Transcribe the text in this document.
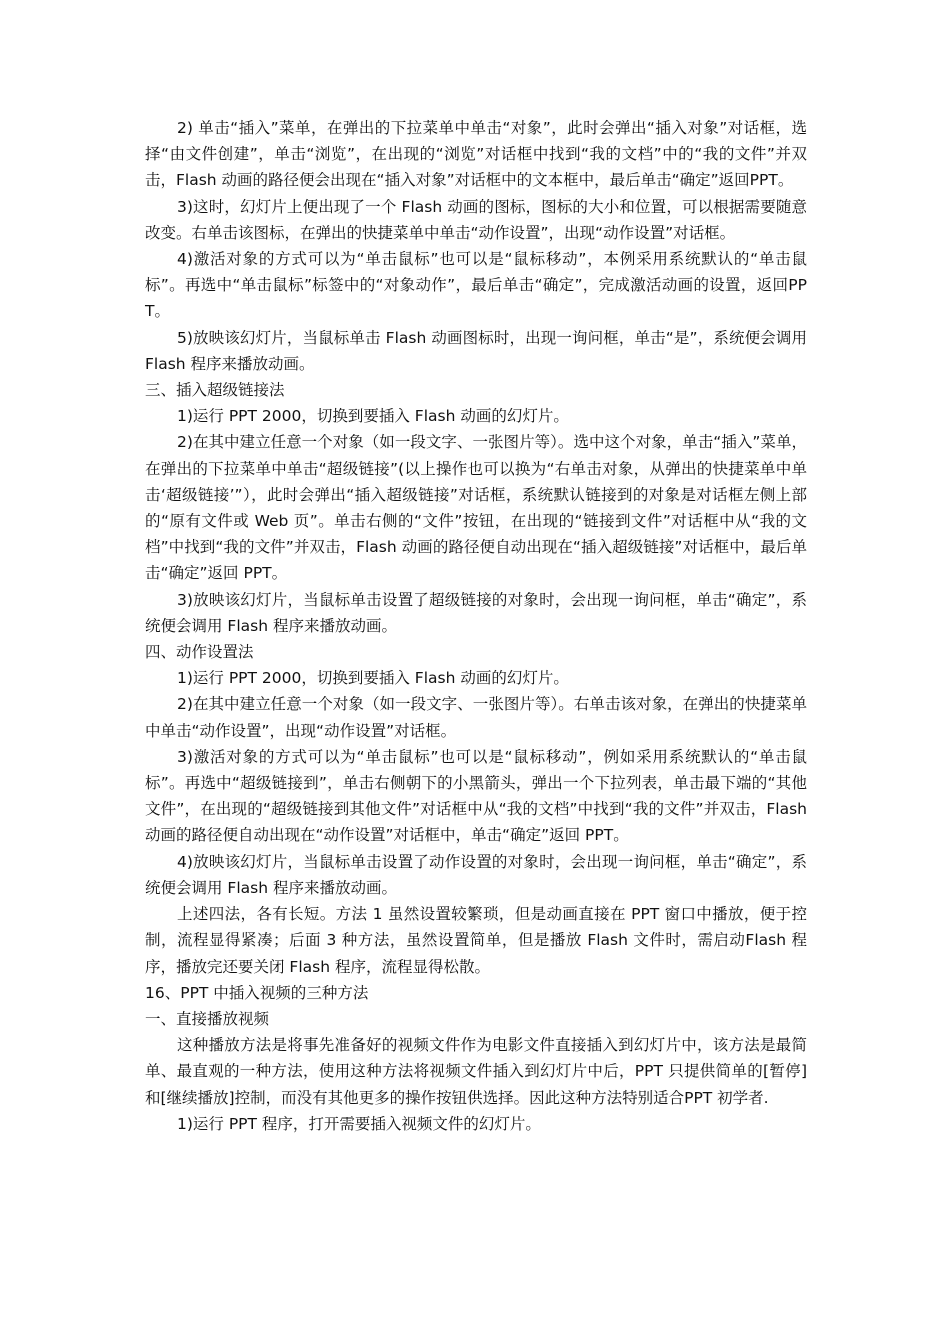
2) 单击“插入”菜单，在弹出的下拉菜单中单击“对象”，此时会弹出“插入对象”对话框，选择“由文件创建”，单击“浏览”，在出现的“浏览”对话框中找到“我的文档”中的“我的文件”并双击，Flash 动画的路径便会出现在“插入对象”对话框中的文本框中，最后单击“确定”返回PPT。

3)这时，幻灯片上便出现了一个 Flash 动画的图标，图标的大小和位置，可以根据需要随意改变。右单击该图标，在弹出的快捷菜单中单击“动作设置”，出现“动作设置”对话框。

4)激活对象的方式可以为“单击鼠标”也可以是“鼠标移动”，本例采用系统默认的“单击鼠标”。再选中“单击鼠标”标签中的“对象动作”，最后单击“确定”，完成激活动画的设置，返回PPT。

5)放映该幻灯片，当鼠标单击 Flash 动画图标时，出现一询问框，单击“是”，系统便会调用 Flash 程序来播放动画。

三、插入超级链接法

1)运行 PPT 2000，切换到要插入 Flash 动画的幻灯片。

2)在其中建立任意一个对象（如一段文字、一张图片等）。选中这个对象，单击“插入”菜单，在弹出的下拉菜单中单击“超级链接”(以上操作也可以换为“右单击对象，从弹出的快捷菜单中单击‘超级链接’”），此时会弹出“插入超级链接”对话框，系统默认链接到的对象是对话框左侧上部的“原有文件或 Web 页”。单击右侧的“文件”按钮，在出现的“链接到文件”对话框中从“我的文档”中找到“我的文件”并双击，Flash 动画的路径便自动出现在“插入超级链接”对话框中，最后单击“确定”返回 PPT。

3)放映该幻灯片，当鼠标单击设置了超级链接的对象时，会出现一询问框，单击“确定”，系统便会调用 Flash 程序来播放动画。

四、动作设置法

1)运行 PPT 2000，切换到要插入 Flash 动画的幻灯片。

2)在其中建立任意一个对象（如一段文字、一张图片等）。右单击该对象，在弹出的快捷菜单中单击“动作设置”，出现“动作设置”对话框。

3)激活对象的方式可以为“单击鼠标”也可以是“鼠标移动”，例如采用系统默认的“单击鼠标”。再选中“超级链接到”，单击右侧朝下的小黑箭头，弹出一个下拉列表，单击最下端的“其他文件”，在出现的“超级链接到其他文件”对话框中从“我的文档”中找到“我的文件”并双击，Flash 动画的路径便自动出现在“动作设置”对话框中，单击“确定”返回 PPT。

4)放映该幻灯片，当鼠标单击设置了动作设置的对象时，会出现一询问框，单击“确定”，系统便会调用 Flash 程序来播放动画。

上述四法，各有长短。方法 1 虽然设置较繁琐，但是动画直接在 PPT 窗口中播放，便于控制，流程显得紧凑；后面 3 种方法，虽然设置简单，但是播放 Flash 文件时，需启动Flash 程序，播放完还要关闭 Flash 程序，流程显得松散。

16、PPT 中插入视频的三种方法

一、直接播放视频

这种播放方法是将事先准备好的视频文件作为电影文件直接插入到幻灯片中，该方法是最简单、最直观的一种方法，使用这种方法将视频文件插入到幻灯片中后，PPT 只提供简单的[暂停]和[继续播放]控制，而没有其他更多的操作按钮供选择。因此这种方法特别适合PPT 初学者.

1)运行 PPT 程序，打开需要插入视频文件的幻灯片。
